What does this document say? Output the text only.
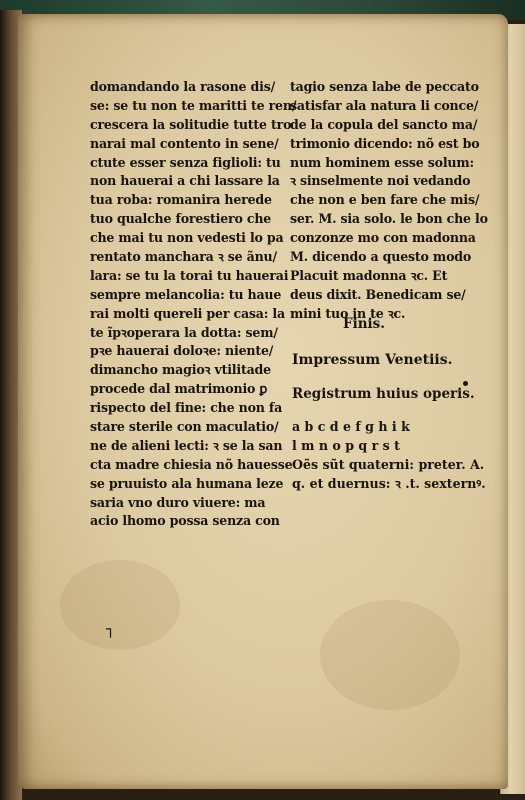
domandando la rasone dis/
se: se tu non te maritti te ren/
crescera la solitudie tutte tro
narai mal contento in sene/
ctute esser senza figlioli: tu
non hauerai a chi lassare la
tua roba: romanira herede
tuo qualche forestiero che
che mai tu non vedesti lo pa
rentato manchara ꝛ se ãnu/
lara: se tu la torai tu hauerai
sempre melancolia: tu haue
rai molti quereli per casa: la
te ĩpꝛoperara la dotta: sem/
pꝛe hauerai doloꝛe: niente/
dimancho magioꝛ vtilitade
procede dal matrimonio ꝑ
rispecto del fine: che non fa
stare sterile con maculatio/
ne de alieni lecti: ꝛ se la san
cta madre chiesia nõ hauesse
se pruuisto ala humana leze
saria vno duro viuere: ma
acio lhomo possa senza con
tagio senza labe de peccato
satisfar ala natura li conce/
de la copula del sancto ma/
trimonio dicendo: nõ est bo
num hominem esse solum:
ꝛ sinselmente noi vedando
che non e ben fare che mis/
ser. M. sia solo. le bon che lo
conzonze mo con madonna
M. dicendo a questo modo
Placuit madonna ꝛc. Et
deus dixit. Benedicam se/
mini tuo in te ꝛc.
Finis.
Impressum Venetiis.
Registrum huius operis.
a b c d e f g h i k
l m n o p q r s t
Oẽs sũt quaterni: preter. A.
q. et duernus: ꝛ .t. sexternꝰ.
┐
